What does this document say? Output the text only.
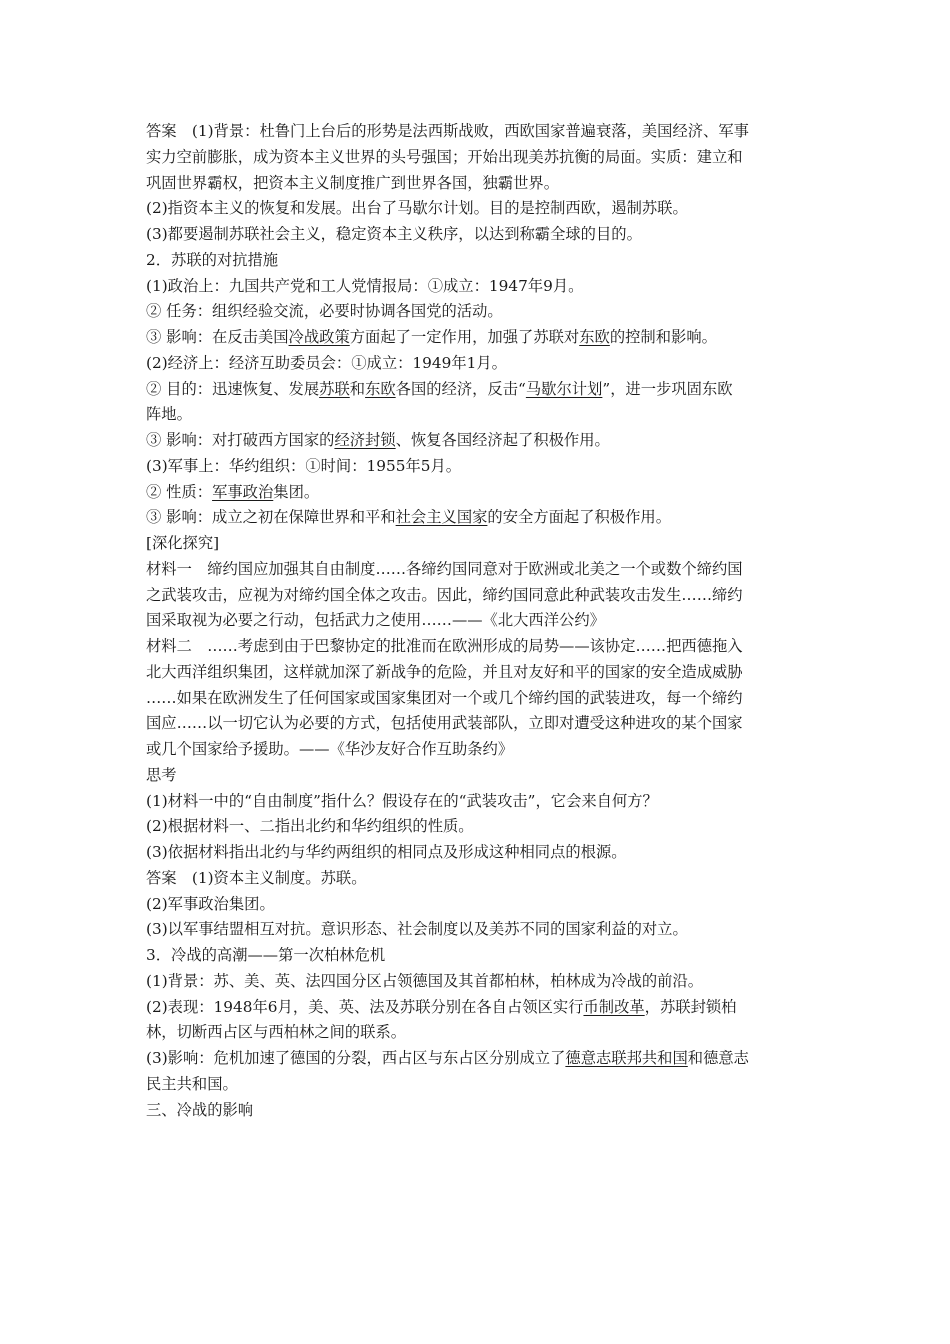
答案　(1)背景：杜鲁门上台后的形势是法西斯战败，西欧国家普遍衰落，美国经济、军事
实力空前膨胀，成为资本主义世界的头号强国；开始出现美苏抗衡的局面。实质：建立和
巩固世界霸权，把资本主义制度推广到世界各国，独霸世界。
(2)指资本主义的恢复和发展。出台了马歇尔计划。目的是控制西欧，遏制苏联。
(3)都要遏制苏联社会主义，稳定资本主义秩序，以达到称霸全球的目的。
2．苏联的对抗措施
(1)政治上：九国共产党和工人党情报局：①成立：1947年9月。
② 任务：组织经验交流，必要时协调各国党的活动。
③ 影响：在反击美国冷战政策方面起了一定作用，加强了苏联对东欧的控制和影响。
(2)经济上：经济互助委员会：①成立：1949年1月。
② 目的：迅速恢复、发展苏联和东欧各国的经济，反击“马歇尔计划”，进一步巩固东欧
阵地。
③ 影响：对打破西方国家的经济封锁、恢复各国经济起了积极作用。
(3)军事上：华约组织：①时间：1955年5月。
② 性质：军事政治集团。
③ 影响：成立之初在保障世界和平和社会主义国家的安全方面起了积极作用。
[深化探究]
材料一　缔约国应加强其自由制度……各缔约国同意对于欧洲或北美之一个或数个缔约国
之武装攻击，应视为对缔约国全体之攻击。因此，缔约国同意此种武装攻击发生……缔约
国采取视为必要之行动，包括武力之使用……——《北大西洋公约》
材料二　……考虑到由于巴黎协定的批准而在欧洲形成的局势——该协定……把西德拖入
北大西洋组织集团，这样就加深了新战争的危险，并且对友好和平的国家的安全造成威胁
……如果在欧洲发生了任何国家或国家集团对一个或几个缔约国的武装进攻，每一个缔约
国应……以一切它认为必要的方式，包括使用武装部队，立即对遭受这种进攻的某个国家
或几个国家给予援助。——《华沙友好合作互助条约》
思考
(1)材料一中的“自由制度”指什么？假设存在的“武装攻击”，它会来自何方？
(2)根据材料一、二指出北约和华约组织的性质。
(3)依据材料指出北约与华约两组织的相同点及形成这种相同点的根源。
答案　(1)资本主义制度。苏联。
(2)军事政治集团。
(3)以军事结盟相互对抗。意识形态、社会制度以及美苏不同的国家利益的对立。
3．冷战的高潮——第一次柏林危机
(1)背景：苏、美、英、法四国分区占领德国及其首都柏林，柏林成为冷战的前沿。
(2)表现：1948年6月，美、英、法及苏联分别在各自占领区实行币制改革，苏联封锁柏
林，切断西占区与西柏林之间的联系。
(3)影响：危机加速了德国的分裂，西占区与东占区分别成立了德意志联邦共和国和德意志
民主共和国。
三、冷战的影响
